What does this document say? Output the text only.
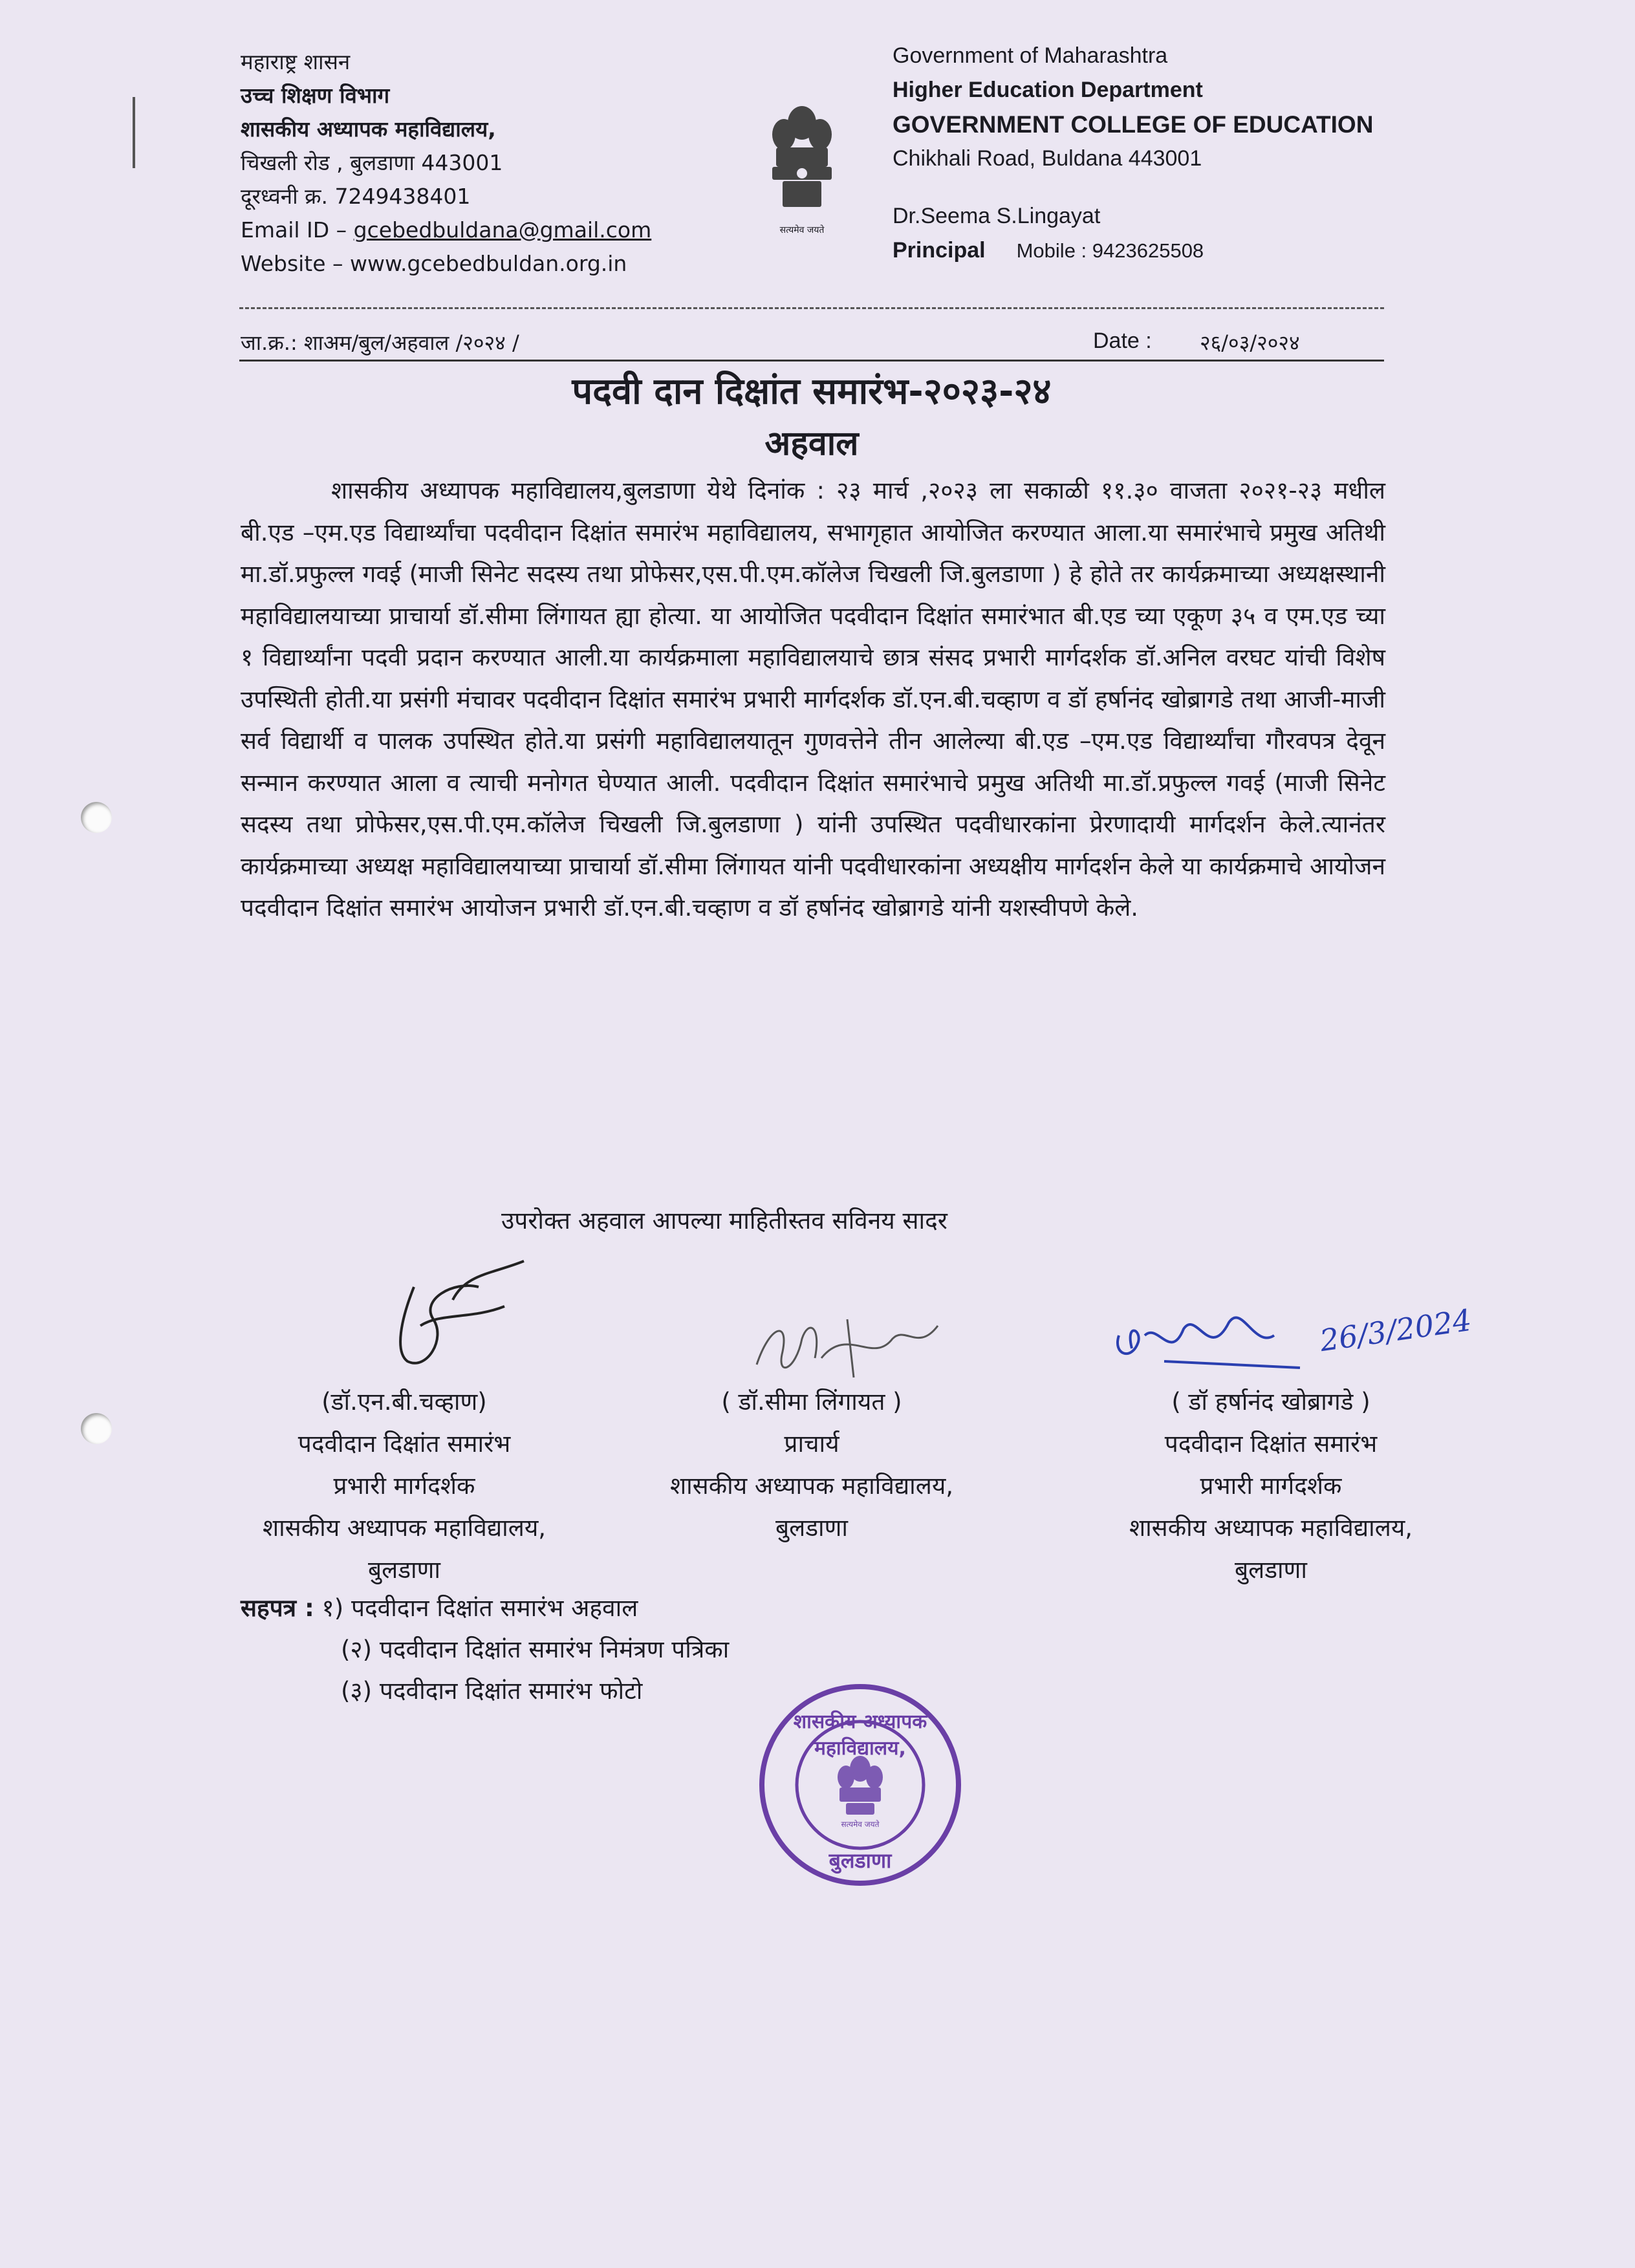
महाराष्ट्र शासन
उच्च शिक्षण विभाग
शासकीय अध्यापक महाविद्यालय,
चिखली रोड , बुलडाणा 443001
दूरध्वनी क्र. 7249438401
Email ID – gcebedbuldana@gmail.com
Website – www.gcebedbuldan.org.in
सत्यमेव जयते
Government of Maharashtra
Higher Education Department
GOVERNMENT COLLEGE OF EDUCATION
Chikhali Road, Buldana 443001
Dr.Seema S.Lingayat
Principal Mobile : 9423625508
जा.क्र.: शाअम/बुल/अहवाल /२०२४ /	Date : २६/०३/२०२४
पदवी दान दिक्षांत समारंभ-२०२३-२४
अहवाल
शासकीय अध्यापक महाविद्यालय,बुलडाणा येथे दिनांक : २३ मार्च ,२०२३ ला सकाळी ११.३० वाजता २०२१-२३ मधील बी.एड –एम.एड विद्यार्थ्यांचा पदवीदान दिक्षांत समारंभ महाविद्यालय, सभागृहात आयोजित करण्यात आला.या समारंभाचे प्रमुख अतिथी मा.डॉ.प्रफुल्ल गवई (माजी सिनेट सदस्य तथा प्रोफेसर,एस.पी.एम.कॉलेज चिखली जि.बुलडाणा ) हे होते तर कार्यक्रमाच्या अध्यक्षस्थानी महाविद्यालयाच्या प्राचार्या डॉ.सीमा लिंगायत ह्या होत्या. या आयोजित पदवीदान दिक्षांत समारंभात बी.एड च्या एकूण ३५ व एम.एड च्या १ विद्यार्थ्यांना पदवी प्रदान करण्यात आली.या कार्यक्रमाला महाविद्यालयाचे छात्र संसद प्रभारी मार्गदर्शक डॉ.अनिल वरघट यांची विशेष उपस्थिती होती.या प्रसंगी मंचावर पदवीदान दिक्षांत समारंभ प्रभारी मार्गदर्शक डॉ.एन.बी.चव्हाण व डॉ हर्षानंद खोब्रागडे तथा आजी-माजी सर्व विद्यार्थी व पालक उपस्थित होते.या प्रसंगी महाविद्यालयातून गुणवत्तेने तीन आलेल्या बी.एड –एम.एड विद्यार्थ्यांचा गौरवपत्र देवून सन्मान करण्यात आला व त्याची मनोगत घेण्यात आली. पदवीदान दिक्षांत समारंभाचे प्रमुख अतिथी मा.डॉ.प्रफुल्ल गवई (माजी सिनेट सदस्य तथा प्रोफेसर,एस.पी.एम.कॉलेज चिखली जि.बुलडाणा ) यांनी उपस्थित पदवीधारकांना प्रेरणादायी मार्गदर्शन केले.त्यानंतर कार्यक्रमाच्या अध्यक्ष महाविद्यालयाच्या प्राचार्या डॉ.सीमा लिंगायत यांनी पदवीधारकांना अध्यक्षीय मार्गदर्शन केले या कार्यक्रमाचे आयोजन पदवीदान दिक्षांत समारंभ आयोजन प्रभारी डॉ.एन.बी.चव्हाण व डॉ हर्षानंद खोब्रागडे यांनी यशस्वीपणे केले.
उपरोक्त अहवाल आपल्या माहितीस्तव सविनय सादर
26/3/2024
(डॉ.एन.बी.चव्हाण)
पदवीदान दिक्षांत समारंभ
प्रभारी मार्गदर्शक
शासकीय अध्यापक महाविद्यालय,
बुलडाणा
( डॉ.सीमा लिंगायत )
प्राचार्य
शासकीय अध्यापक महाविद्यालय,
बुलडाणा
( डॉ हर्षानंद खोब्रागडे )
पदवीदान दिक्षांत समारंभ
प्रभारी मार्गदर्शक
शासकीय अध्यापक महाविद्यालय,
बुलडाणा
सहपत्र : १) पदवीदान दिक्षांत समारंभ अहवाल
(२) पदवीदान दिक्षांत समारंभ निमंत्रण पत्रिका
(३) पदवीदान दिक्षांत समारंभ फोटो
शासकीय अध्यापक महाविद्यालय,
सत्यमेव जयते
बुलडाणा
